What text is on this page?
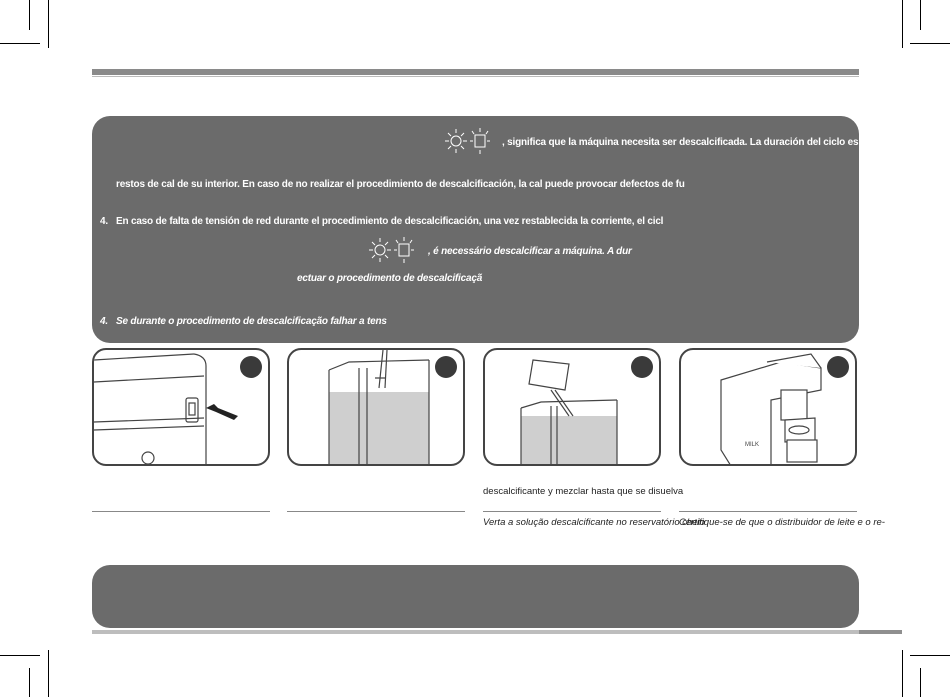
, significa que la máquina necesita ser descalcificada. La duración del ciclo es de
restos de cal de su interior. En caso de no realizar el procedimiento de descalcificación, la cal puede provocar defectos de fu
4. En caso de falta de tensión de red durante el procedimiento de descalcificación, una vez restablecida la corriente, el cicl
, é necessário descalcificar a máquina. A dur
ectuar o procedimento de descalcificaçã
4. Se durante o procedimento de descalcificação falhar a tens
MILK
descalcificante y mezclar hasta que se disuelva
Verta a solução descalcificante no reservatório cheio
Certifique-se de que o distribuidor de leite e o re-
